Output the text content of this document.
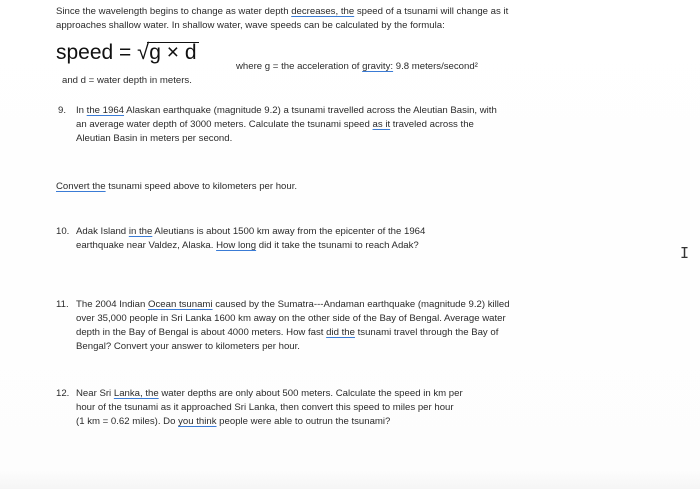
Since the wavelength begins to change as water depth decreases, the speed of a tsunami will change as it
approaches shallow water. In shallow water, wave speeds can be calculated by the formula:
speed = √g × d
where g = the acceleration of gravity: 9.8 meters/second²
and d = water depth in meters.
9. In the 1964 Alaskan earthquake (magnitude 9.2) a tsunami travelled across the Aleutian Basin, with
an average water depth of 3000 meters. Calculate the tsunami speed as it traveled across the
Aleutian Basin in meters per second.
Convert the tsunami speed above to kilometers per hour.
10. Adak Island in the Aleutians is about 1500 km away from the epicenter of the 1964
earthquake near Valdez, Alaska. How long did it take the tsunami to reach Adak?	I
11. The 2004 Indian Ocean tsunami caused by the Sumatra---Andaman earthquake (magnitude 9.2) killed
over 35,000 people in Sri Lanka 1600 km away on the other side of the Bay of Bengal. Average water
depth in the Bay of Bengal is about 4000 meters. How fast did the tsunami travel through the Bay of
Bengal? Convert your answer to kilometers per hour.
12. Near Sri Lanka, the water depths are only about 500 meters. Calculate the speed in km per
hour of the tsunami as it approached Sri Lanka, then convert this speed to miles per hour
(1 km = 0.62 miles). Do you think people were able to outrun the tsunami?
